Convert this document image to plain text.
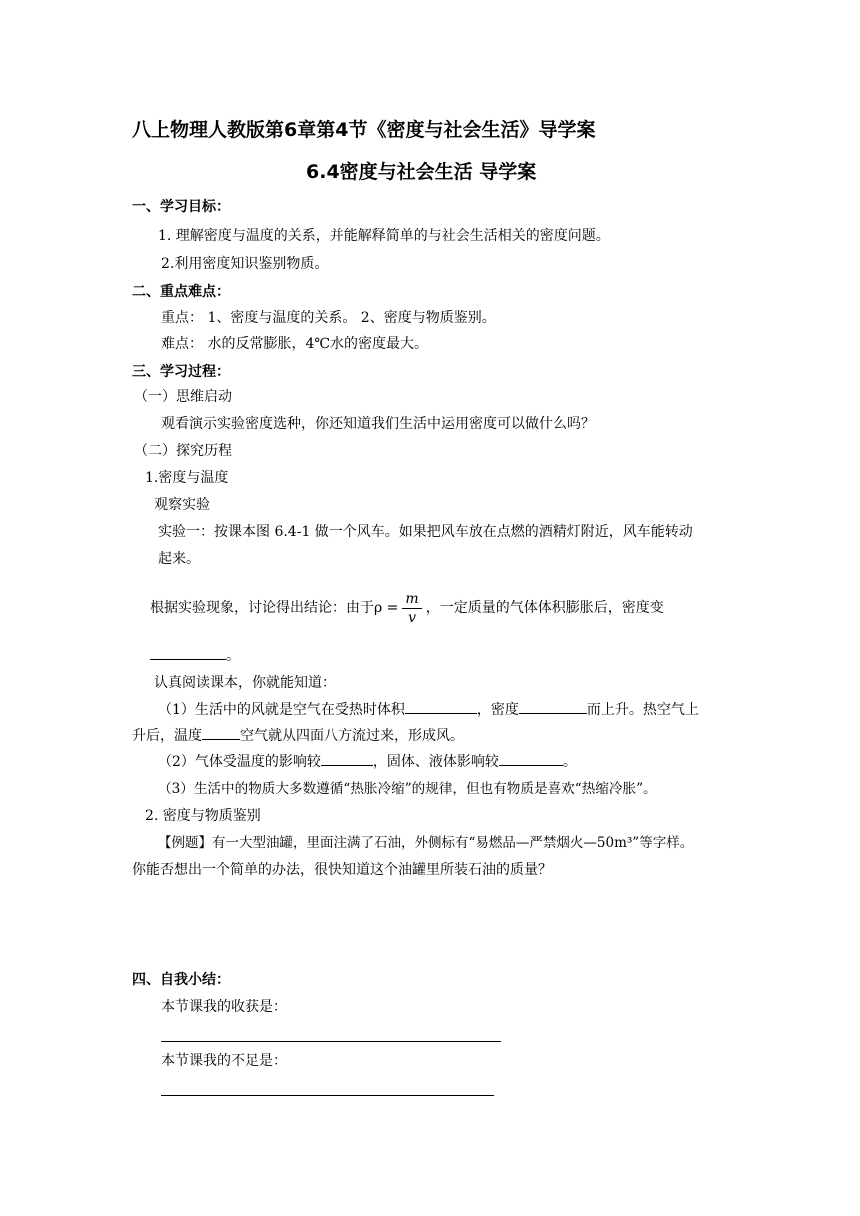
八上物理人教版第6章第4节《密度与社会生活》导学案
6.4密度与社会生活 导学案
一、学习目标：
1. 理解密度与温度的关系，并能解释简单的与社会生活相关的密度问题。
2.利用密度知识鉴别物质。
二、重点难点：
重点： 1、密度与温度的关系。 2、密度与物质鉴别。
难点： 水的反常膨胀，4℃水的密度最大。
三、学习过程：
（一）思维启动
观看演示实验密度选种，你还知道我们生活中运用密度可以做什么吗？
（二）探究历程
1.密度与温度
观察实验
实验一：按课本图 6.4-1 做一个风车。如果把风车放在点燃的酒精灯附近，风车能转动
起来。
根据实验现象，讨论得出结论：由于$\rho = \frac{m}{v}$ ，一定质量的气体体积膨胀后，密度变
。
认真阅读课本，你就能知道：
（1）生活中的风就是空气在受热时体积	，密度	而上升。热空气上
升后，温度	空气就从四面八方流过来，形成风。
（2）气体受温度的影响较	，固体、液体影响较	。
（3）生活中的物质大多数遵循“热胀冷缩”的规律，但也有物质是喜欢“热缩冷胀”。
2. 密度与物质鉴别
【例题】有一大型油罐，里面注满了石油，外侧标有“易燃品—严禁烟火—50m³”等字样。
你能否想出一个简单的办法，很快知道这个油罐里所装石油的质量？
四、自我小结：
本节课我的收获是：
本节课我的不足是：
